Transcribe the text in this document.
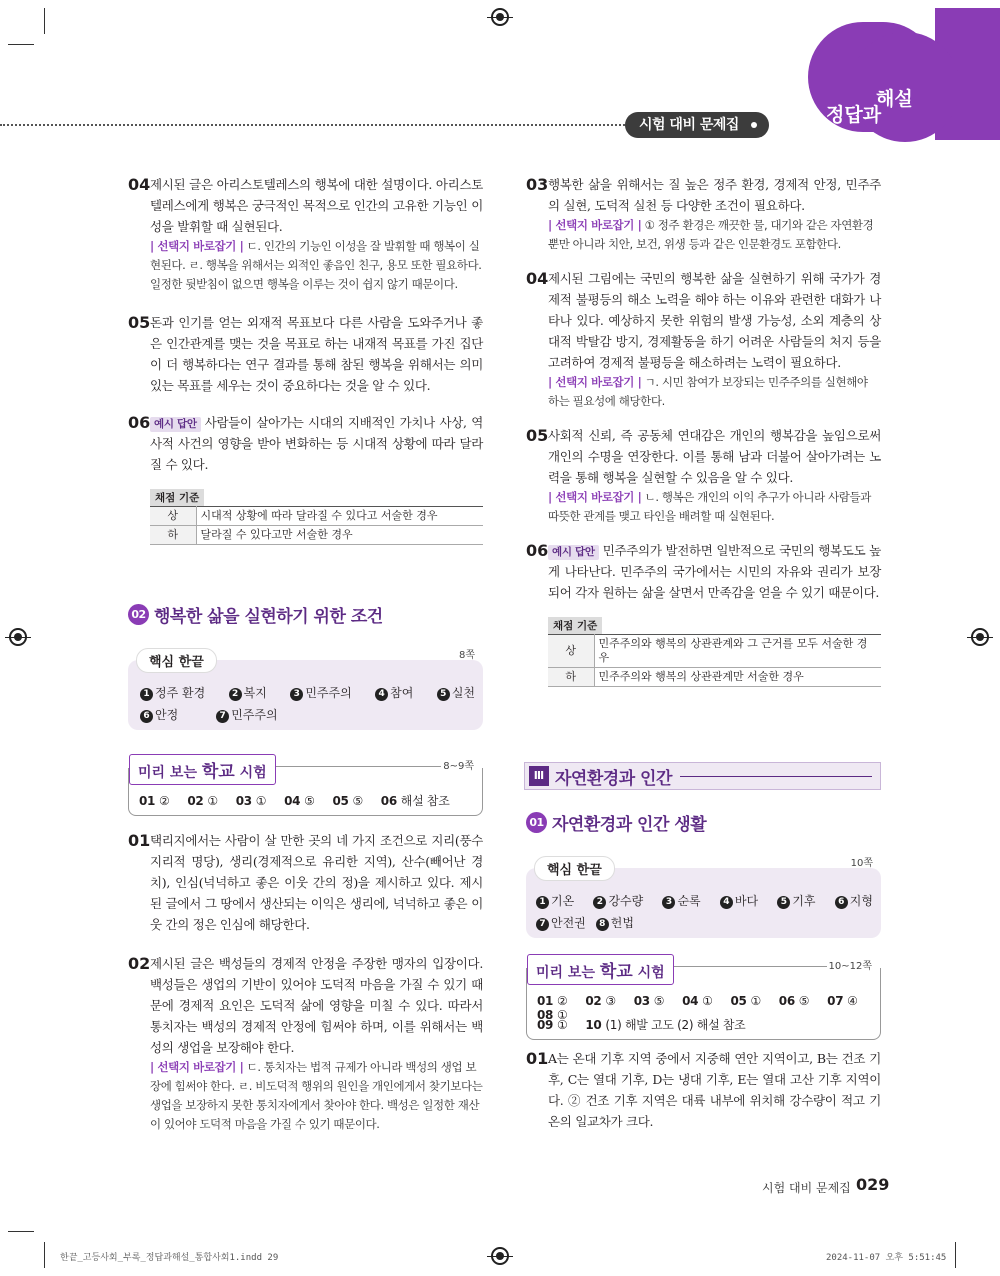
시험 대비 문제집	정답과
해설
04 제시된 글은 아리스토텔레스의 행복에 대한 설명이다. 아리스토텔레스에게 행복은 궁극적인 목적으로 인간의 고유한 기능인 이성을 발휘할 때 실현된다.

| 선택지 바로잡기 | ㄷ. 인간의 기능인 이성을 잘 발휘할 때 행복이 실현된다. ㄹ. 행복을 위해서는 외적인 좋음인 친구, 용모 또한 필요하다. 일정한 뒷받침이 없으면 행복을 이루는 것이 쉽지 않기 때문이다.
05 돈과 인기를 얻는 외재적 목표보다 다른 사람을 도와주거나 좋은 인간관계를 맺는 것을 목표로 하는 내재적 목표를 가진 집단이 더 행복하다는 연구 결과를 통해 참된 행복을 위해서는 의미 있는 목표를 세우는 것이 중요하다는 것을 알 수 있다.

06 예시 답안 사람들이 살아가는 시대의 지배적인 가치나 사상, 역사적 사건의 영향을 받아 변화하는 등 시대적 상황에 따라 달라질 수 있다.

채점 기준
상	시대적 상황에 따라 달라질 수 있다고 서술한 경우
하	달라질 수 있다고만 서술한 경우
02 행복한 삶을 실현하기 위한 조건
핵심 한끝	8쪽
1 정주 환경	2 복지	3 민주주의	4 참여	5 실천
6 안정	7 민주주의
8~9쪽
미리 보는 학교 시험
01 ② 02 ① 03 ① 04 ⑤ 05 ⑤ 06 해설 참조
01 택리지에서는 사람이 살 만한 곳의 네 가지 조건으로 지리(풍수지리적 명당), 생리(경제적으로 유리한 지역), 산수(빼어난 경치), 인심(넉넉하고 좋은 이웃 간의 정)을 제시하고 있다. 제시된 글에서 그 땅에서 생산되는 이익은 생리에, 넉넉하고 좋은 이웃 간의 정은 인심에 해당한다.

02 제시된 글은 백성들의 경제적 안정을 주장한 맹자의 입장이다. 백성들은 생업의 기반이 있어야 도덕적 마음을 가질 수 있기 때문에 경제적 요인은 도덕적 삶에 영향을 미칠 수 있다. 따라서 통치자는 백성의 경제적 안정에 힘써야 하며, 이를 위해서는 백성의 생업을 보장해야 한다.

| 선택지 바로잡기 | ㄷ. 통치자는 법적 규제가 아니라 백성의 생업 보장에 힘써야 한다. ㄹ. 비도덕적 행위의 원인을 개인에게서 찾기보다는 생업을 보장하지 못한 통치자에게서 찾아야 한다. 백성은 일정한 재산이 있어야 도덕적 마음을 가질 수 있기 때문이다.
03 행복한 삶을 위해서는 질 높은 정주 환경, 경제적 안정, 민주주의 실현, 도덕적 실천 등 다양한 조건이 필요하다.

| 선택지 바로잡기 | ① 정주 환경은 깨끗한 물, 대기와 같은 자연환경뿐만 아니라 치안, 보건, 위생 등과 같은 인문환경도 포함한다.
04 제시된 그림에는 국민의 행복한 삶을 실현하기 위해 국가가 경제적 불평등의 해소 노력을 해야 하는 이유와 관련한 대화가 나타나 있다. 예상하지 못한 위험의 발생 가능성, 소외 계층의 상대적 박탈감 방지, 경제활동을 하기 어려운 사람들의 처지 등을 고려하여 경제적 불평등을 해소하려는 노력이 필요하다.

| 선택지 바로잡기 | ㄱ. 시민 참여가 보장되는 민주주의를 실현해야 하는 필요성에 해당한다.
05 사회적 신뢰, 즉 공동체 연대감은 개인의 행복감을 높임으로써 개인의 수명을 연장한다. 이를 통해 남과 더불어 살아가려는 노력을 통해 행복을 실현할 수 있음을 알 수 있다.

| 선택지 바로잡기 | ㄴ. 행복은 개인의 이익 추구가 아니라 사람들과 따뜻한 관계를 맺고 타인을 배려할 때 실현된다.
06 예시 답안 민주주의가 발전하면 일반적으로 국민의 행복도도 높게 나타난다. 민주주의 국가에서는 시민의 자유와 권리가 보장되어 각자 원하는 삶을 살면서 만족감을 얻을 수 있기 때문이다.

채점 기준
상	민주주의와 행복의 상관관계와 그 근거를 모두 서술한 경우
하	민주주의와 행복의 상관관계만 서술한 경우
Ⅲ 자연환경과 인간
01 자연환경과 인간 생활
핵심 한끝	10쪽
1 기온	2 강수량	3 순록	4 바다	5 기후	6 지형
7 안전권	8 헌법
10~12쪽
미리 보는 학교 시험
01 ② 02 ③ 03 ⑤ 04 ① 05 ① 06 ⑤ 07 ④ 08 ①
09 ① 10 (1) 해발 고도 (2) 해설 참조
01 A는 온대 기후 지역 중에서 지중해 연안 지역이고, B는 건조 기후, C는 열대 기후, D는 냉대 기후, E는 열대 고산 기후 지역이다. ② 건조 기후 지역은 대륙 내부에 위치해 강수량이 적고 기온의 일교차가 크다.

시험 대비 문제집 029
한끝_고등사회_부록_정답과해설_통합사회1.indd 29	2024-11-07 오후 5:51:45
